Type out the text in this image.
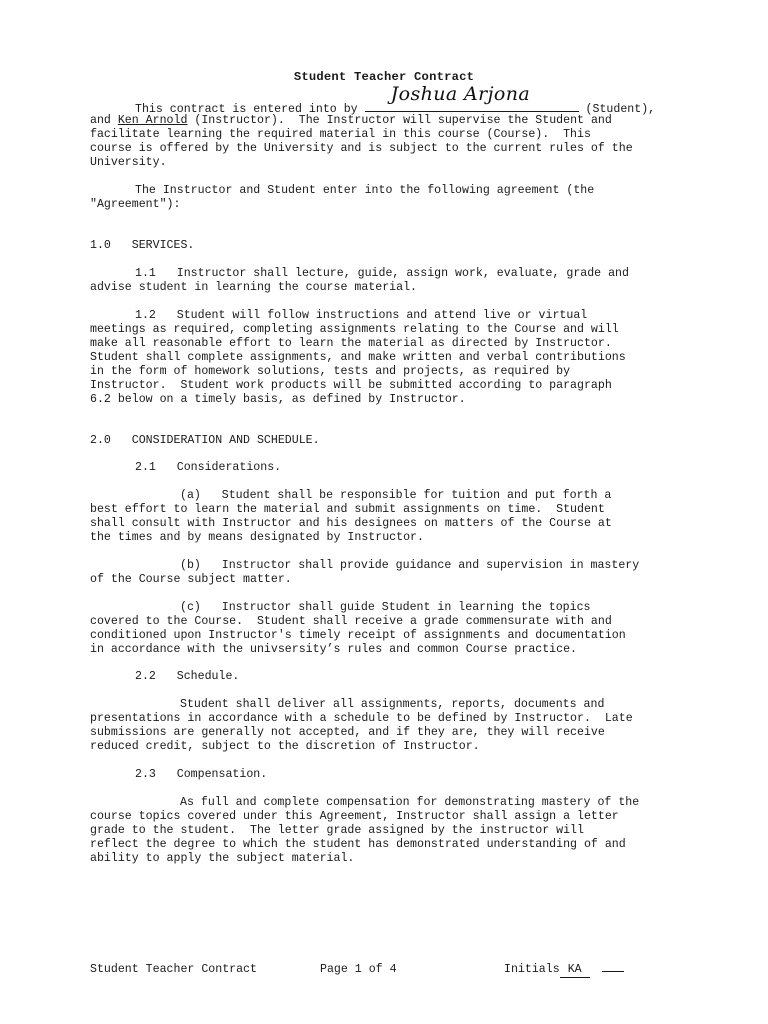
Student Teacher Contract
This contract is entered into by
Joshua Arjona
(Student),
and Ken Arnold (Instructor).  The Instructor will supervise the Student and
facilitate learning the required material in this course (Course).  This
course is offered by the University and is subject to the current rules of the
University.
The Instructor and Student enter into the following agreement (the
"Agreement"):
1.0   SERVICES.
1.1   Instructor shall lecture, guide, assign work, evaluate, grade and
advise student in learning the course material.
1.2   Student will follow instructions and attend live or virtual
meetings as required, completing assignments relating to the Course and will
make all reasonable effort to learn the material as directed by Instructor.
Student shall complete assignments, and make written and verbal contributions
in the form of homework solutions, tests and projects, as required by
Instructor.  Student work products will be submitted according to paragraph
6.2 below on a timely basis, as defined by Instructor.
2.0   CONSIDERATION AND SCHEDULE.
2.1   Considerations.
(a)   Student shall be responsible for tuition and put forth a
best effort to learn the material and submit assignments on time.  Student
shall consult with Instructor and his designees on matters of the Course at
the times and by means designated by Instructor.
(b)   Instructor shall provide guidance and supervision in mastery
of the Course subject matter.
(c)   Instructor shall guide Student in learning the topics
covered to the Course.  Student shall receive a grade commensurate with and
conditioned upon Instructor's timely receipt of assignments and documentation
in accordance with the univsersity’s rules and common Course practice.
2.2   Schedule.
Student shall deliver all assignments, reports, documents and
presentations in accordance with a schedule to be defined by Instructor.  Late
submissions are generally not accepted, and if they are, they will receive
reduced credit, subject to the discretion of Instructor.
2.3   Compensation.
As full and complete compensation for demonstrating mastery of the
course topics covered under this Agreement, Instructor shall assign a letter
grade to the student.  The letter grade assigned by the instructor will
reflect the degree to which the student has demonstrated understanding of and
ability to apply the subject material.
Student Teacher Contract	Page 1 of 4	Initials KA
